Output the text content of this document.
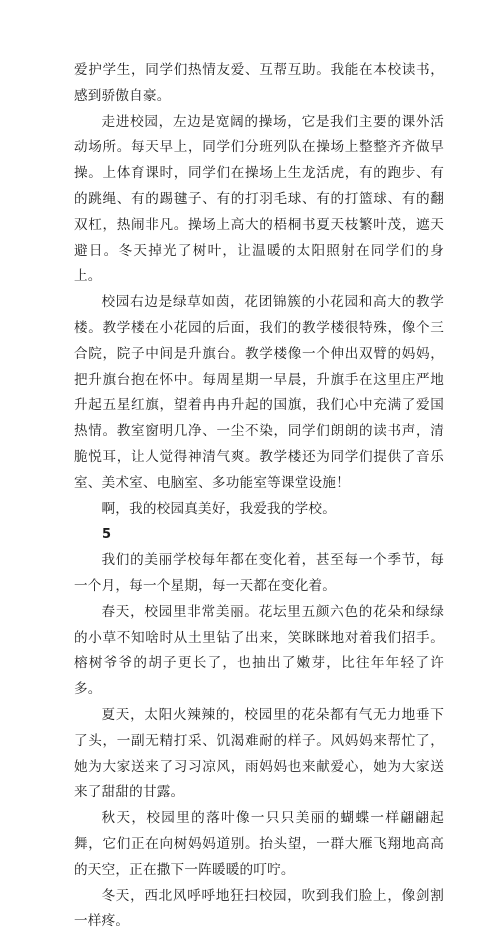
爱护学生，同学们热情友爱、互帮互助。我能在本校读书，感到骄傲自豪。

走进校园，左边是宽阔的操场，它是我们主要的课外活动场所。每天早上，同学们分班列队在操场上整整齐齐做早操。上体育课时，同学们在操场上生龙活虎，有的跑步、有的跳绳、有的踢毽子、有的打羽毛球、有的打篮球、有的翻双杠，热闹非凡。操场上高大的梧桐书夏天枝繁叶茂，遮天避日。冬天掉光了树叶，让温暖的太阳照射在同学们的身上。

校园右边是绿草如茵，花团锦簇的小花园和高大的教学楼。教学楼在小花园的后面，我们的教学楼很特殊，像个三合院，院子中间是升旗台。教学楼像一个伸出双臂的妈妈，把升旗台抱在怀中。每周星期一早晨，升旗手在这里庄严地升起五星红旗，望着冉冉升起的国旗，我们心中充满了爱国热情。教室窗明几净、一尘不染，同学们朗朗的读书声，清脆悦耳，让人觉得神清气爽。教学楼还为同学们提供了音乐室、美术室、电脑室、多功能室等课堂设施！

啊，我的校园真美好，我爱我的学校。

5

我们的美丽学校每年都在变化着，甚至每一个季节，每一个月，每一个星期，每一天都在变化着。

春天，校园里非常美丽。花坛里五颜六色的花朵和绿绿的小草不知啥时从土里钻了出来，笑眯眯地对着我们招手。榕树爷爷的胡子更长了，也抽出了嫩芽，比往年年轻了许多。

夏天，太阳火辣辣的，校园里的花朵都有气无力地垂下了头，一副无精打采、饥渴难耐的样子。风妈妈来帮忙了，她为大家送来了习习凉风，雨妈妈也来献爱心，她为大家送来了甜甜的甘露。

秋天，校园里的落叶像一只只美丽的蝴蝶一样翩翩起舞，它们正在向树妈妈道别。抬头望，一群大雁飞翔地高高的天空，正在撒下一阵暖暖的叮咛。

冬天，西北风呼呼地狂扫校园，吹到我们脸上，像剑割一样疼。
